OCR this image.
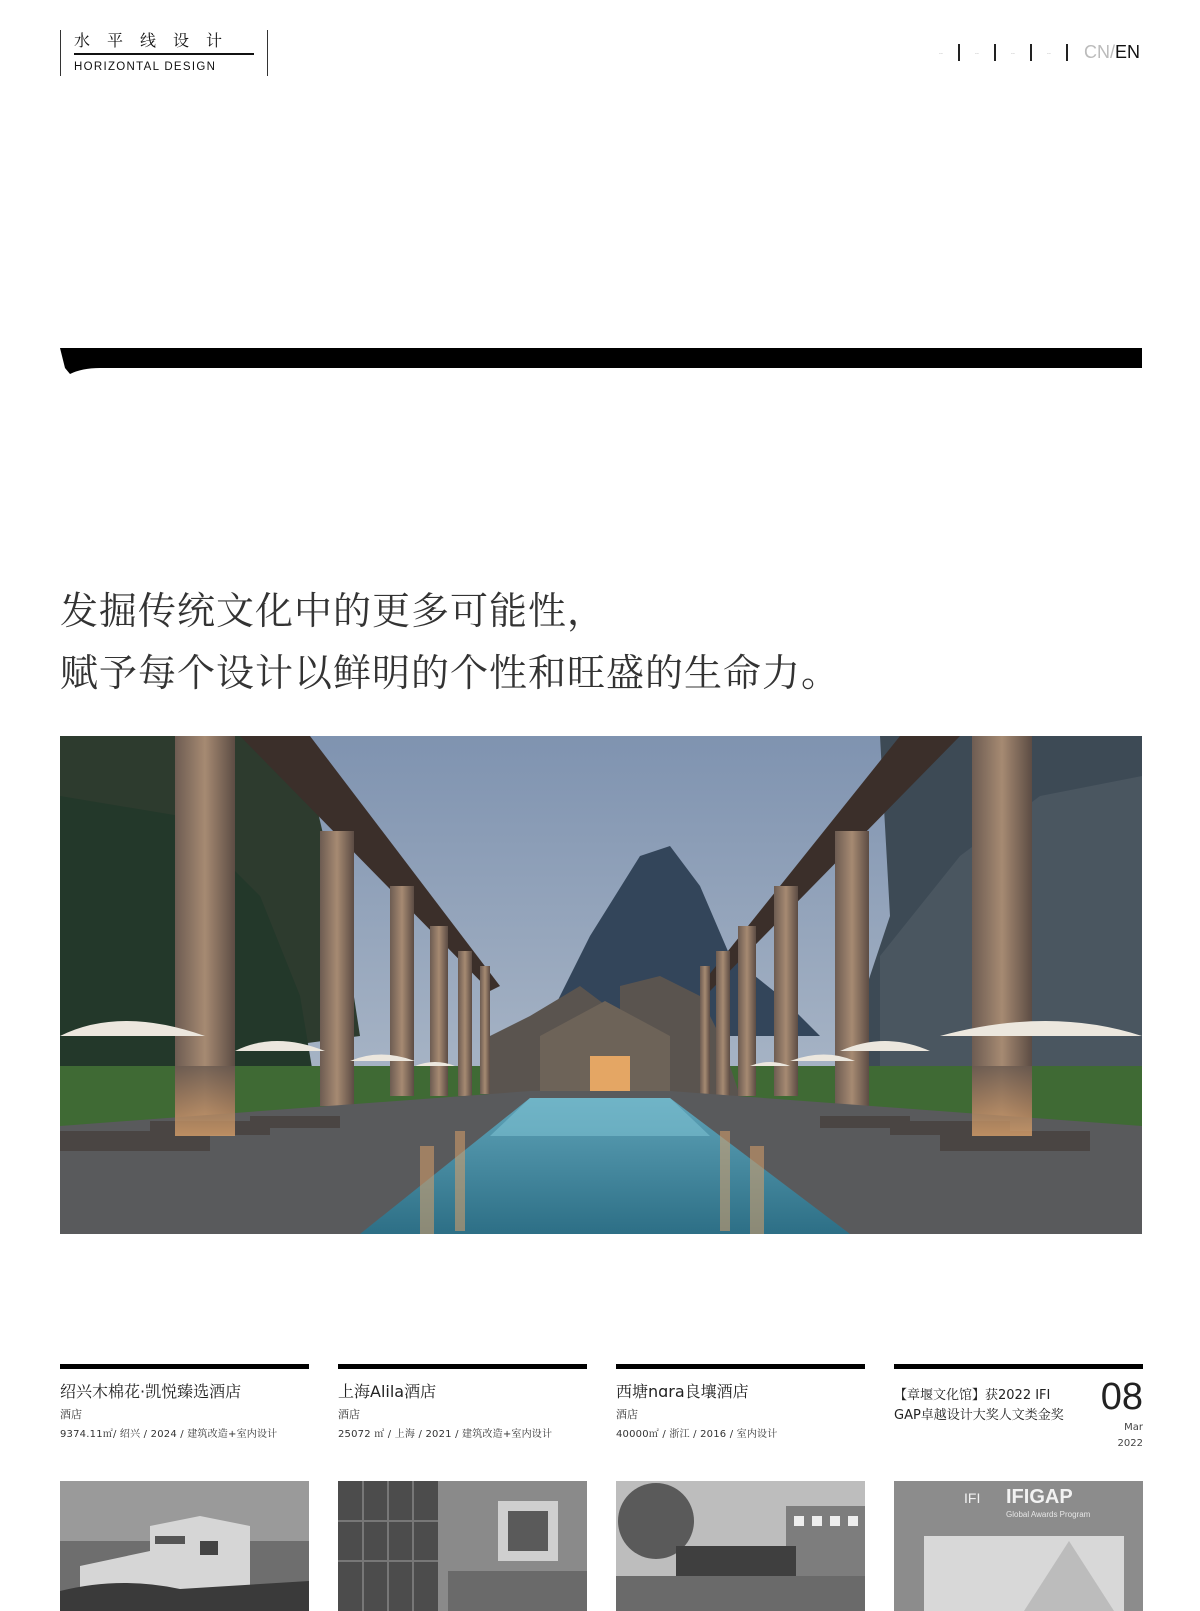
水平线设计
HORIZONTAL DESIGN
..	..	..	..	CN/EN
发掘传统文化中的更多可能性，
赋予每个设计以鲜明的个性和旺盛的生命力。
绍兴木棉花·凯悦臻选酒店
酒店
9374.11㎡/ 绍兴 / 2024 / 建筑改造+室内设计
上海Alila酒店
酒店
25072 ㎡ / 上海 / 2021 / 建筑改造+室内设计
西塘nɑra良壤酒店
酒店
40000㎡ / 浙江 / 2016 / 室内设计
【章堰文化馆】获2022 IFI GAP卓越设计大奖人文类金奖 08
Mar
2022
IFI IFIGAP
Global Awards Program
